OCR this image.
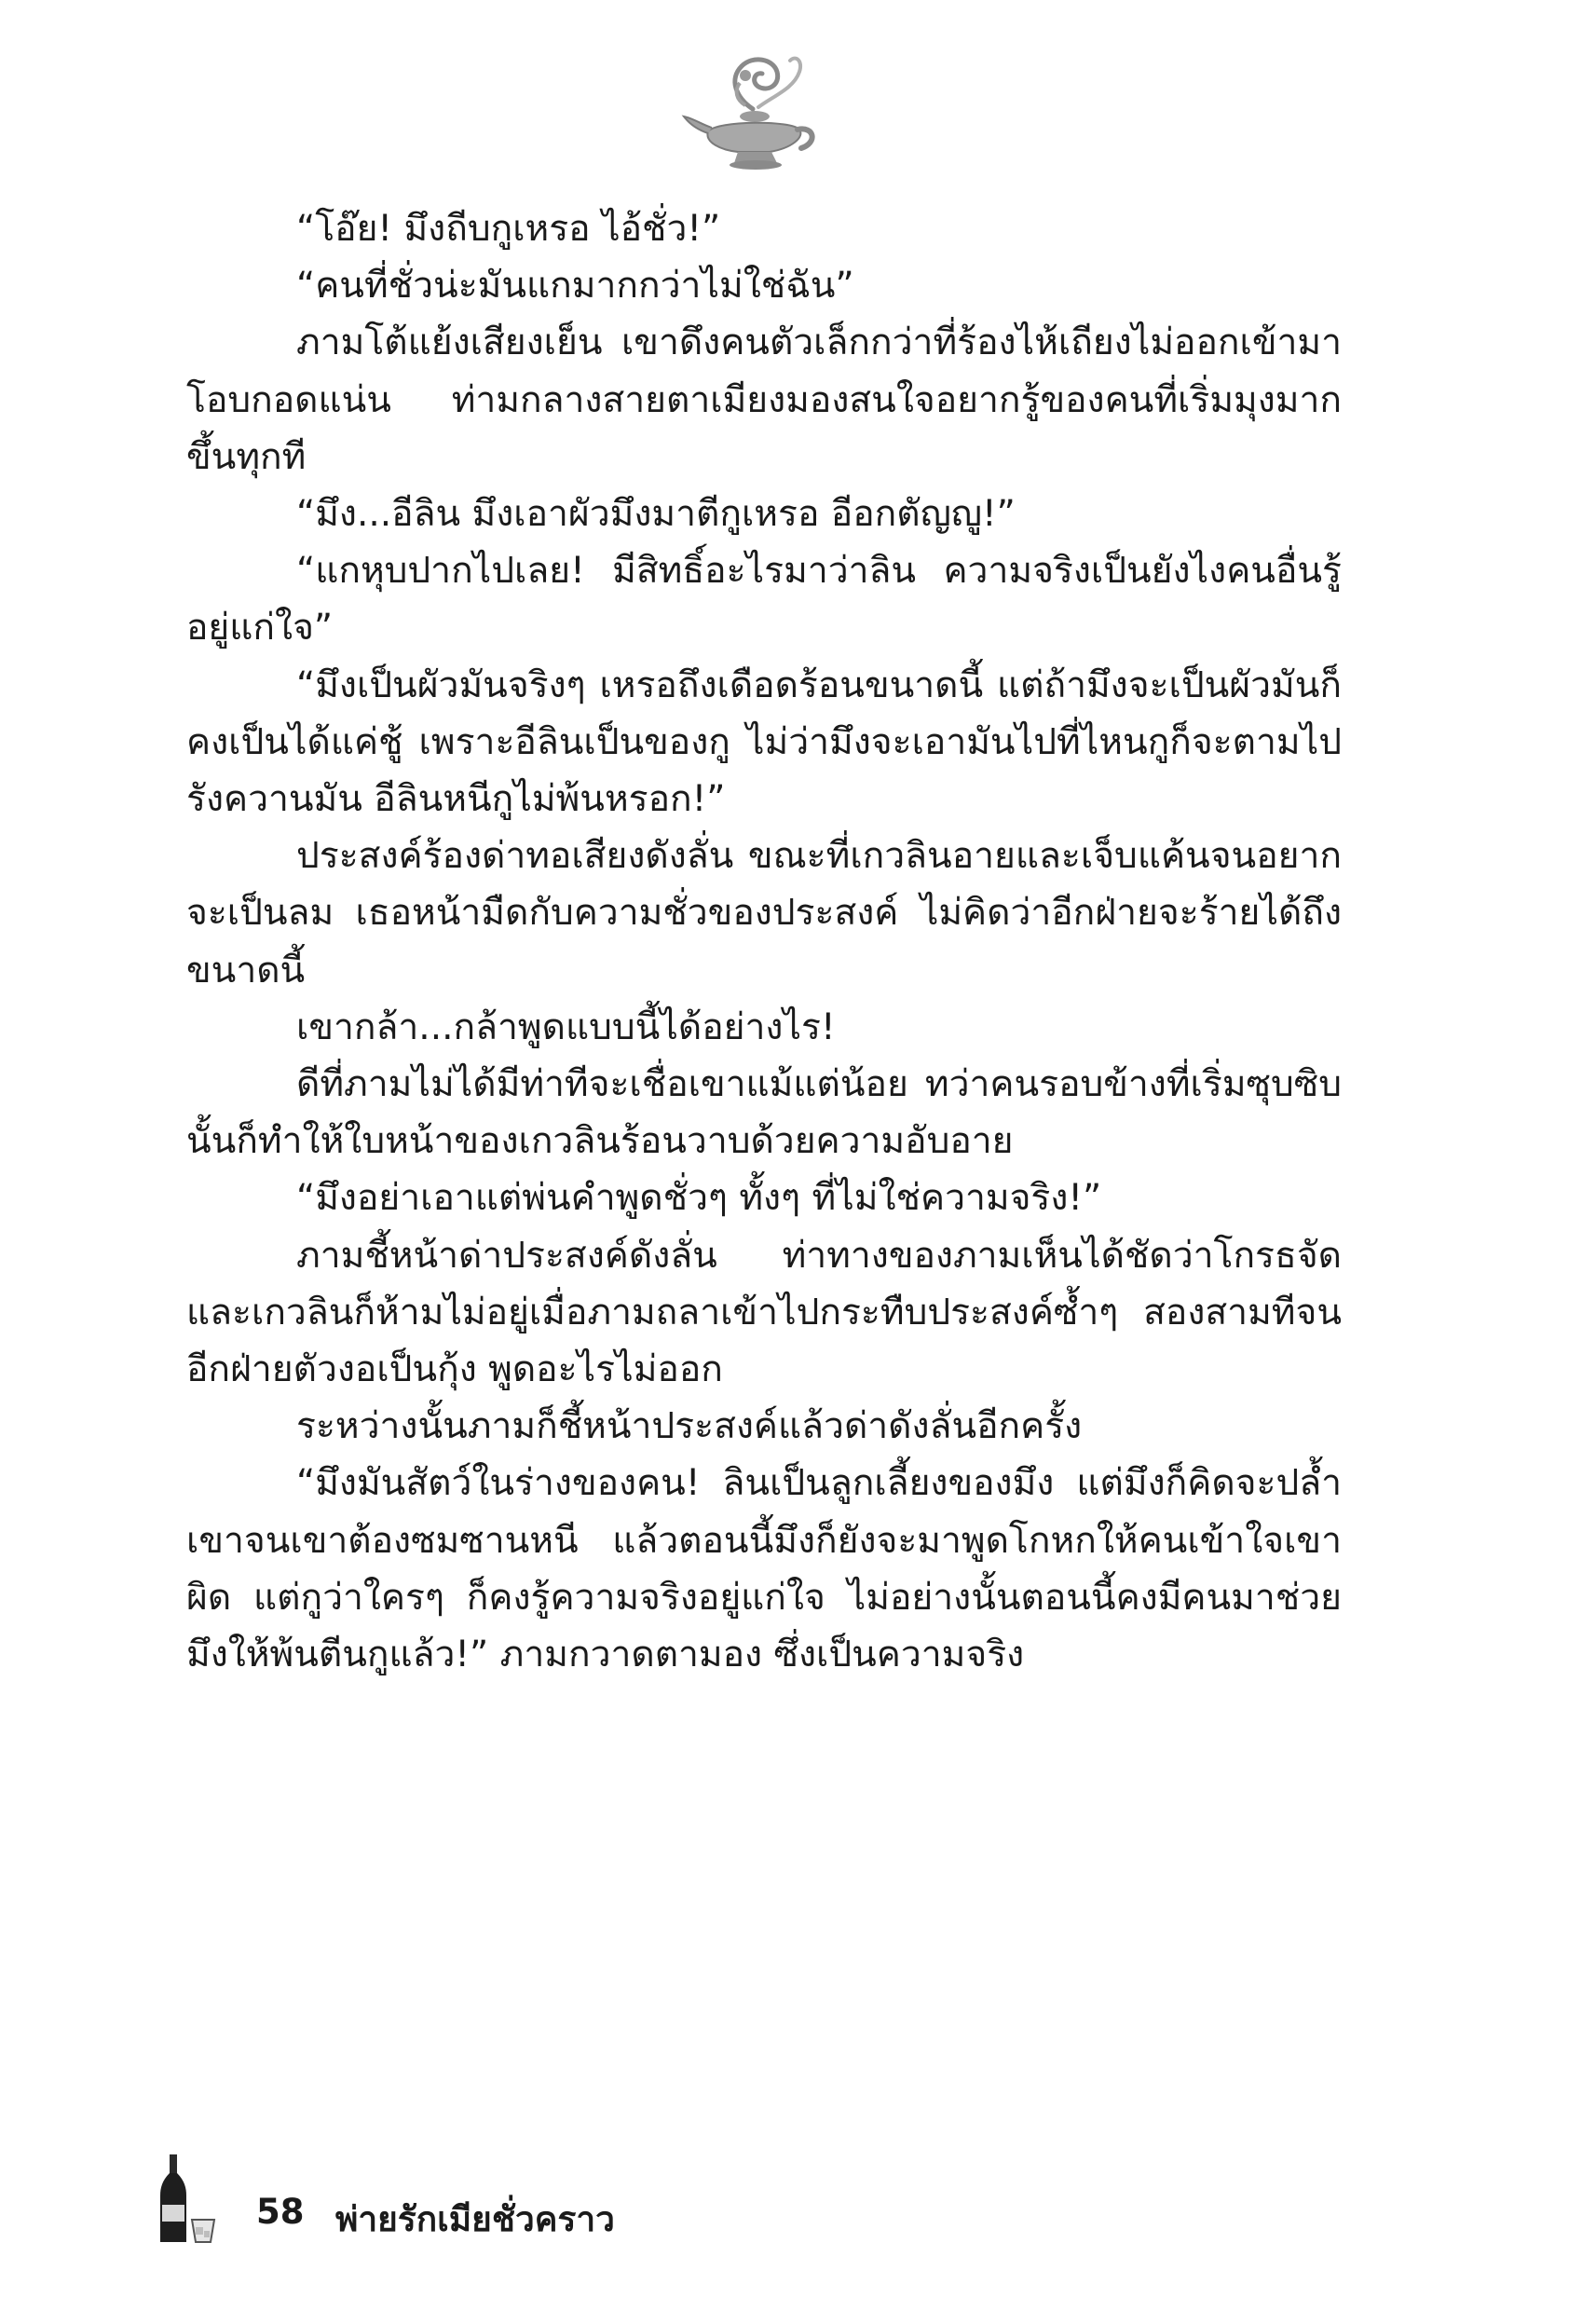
“โอ๊ย! มึงถีบกูเหรอ ไอ้ชั่ว!”

“คนที่ชั่วน่ะมันแกมากกว่าไม่ใช่ฉัน”

ภามโต้แย้งเสียงเย็น เขาดึงคนตัวเล็กกว่าที่ร้องไห้เถียงไม่ออกเข้ามาโอบกอดแน่น ท่ามกลางสายตาเมียงมองสนใจอยากรู้ของคนที่เริ่มมุงมากขึ้นทุกที

“มึง...อีลิน มึงเอาผัวมึงมาตีกูเหรอ อีอกตัญญู!”

“แกหุบปากไปเลย! มีสิทธิ์อะไรมาว่าลิน ความจริงเป็นยังไงคนอื่นรู้อยู่แก่ใจ”

“มึงเป็นผัวมันจริงๆ เหรอถึงเดือดร้อนขนาดนี้ แต่ถ้ามึงจะเป็นผัวมันก็คงเป็นได้แค่ชู้ เพราะอีลินเป็นของกู ไม่ว่ามึงจะเอามันไปที่ไหนกูก็จะตามไปรังควานมัน อีลินหนีกูไม่พ้นหรอก!”

ประสงค์ร้องด่าทอเสียงดังลั่น ขณะที่เกวลินอายและเจ็บแค้นจนอยากจะเป็นลม เธอหน้ามืดกับความชั่วของประสงค์ ไม่คิดว่าอีกฝ่ายจะร้ายได้ถึงขนาดนี้

เขากล้า...กล้าพูดแบบนี้ได้อย่างไร!

ดีที่ภามไม่ได้มีท่าทีจะเชื่อเขาแม้แต่น้อย ทว่าคนรอบข้างที่เริ่มซุบซิบนั้นก็ทำให้ใบหน้าของเกวลินร้อนวาบด้วยความอับอาย

“มึงอย่าเอาแต่พ่นคำพูดชั่วๆ ทั้งๆ ที่ไม่ใช่ความจริง!”

ภามชี้หน้าด่าประสงค์ดังลั่น ท่าทางของภามเห็นได้ชัดว่าโกรธจัดและเกวลินก็ห้ามไม่อยู่เมื่อภามถลาเข้าไปกระทืบประสงค์ซ้ำๆ สองสามทีจนอีกฝ่ายตัวงอเป็นกุ้ง พูดอะไรไม่ออก

ระหว่างนั้นภามก็ชี้หน้าประสงค์แล้วด่าดังลั่นอีกครั้ง

“มึงมันสัตว์ในร่างของคน! ลินเป็นลูกเลี้ยงของมึง แต่มึงก็คิดจะปล้ำเขาจนเขาต้องซมซานหนี แล้วตอนนี้มึงก็ยังจะมาพูดโกหกให้คนเข้าใจเขาผิด แต่กูว่าใครๆ ก็คงรู้ความจริงอยู่แก่ใจ ไม่อย่างนั้นตอนนี้คงมีคนมาช่วยมึงให้พ้นตีนกูแล้ว!” ภามกวาดตามอง ซึ่งเป็นความจริง

58 พ่ายรักเมียชั่วคราว
